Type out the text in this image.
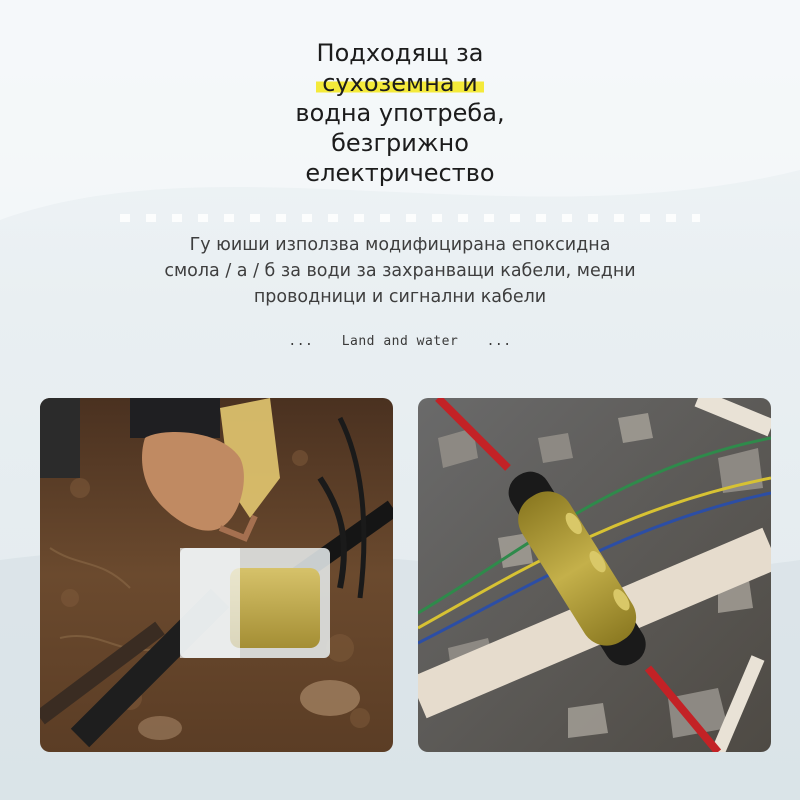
Подходящ за
сухоземна и
водна употреба,
безгрижно
електричество
Гу юиши използва модифицирана епоксидна
смола / а / б за води за захранващи кабели, медни
проводници и сигнални кабели
... Land and water ...
